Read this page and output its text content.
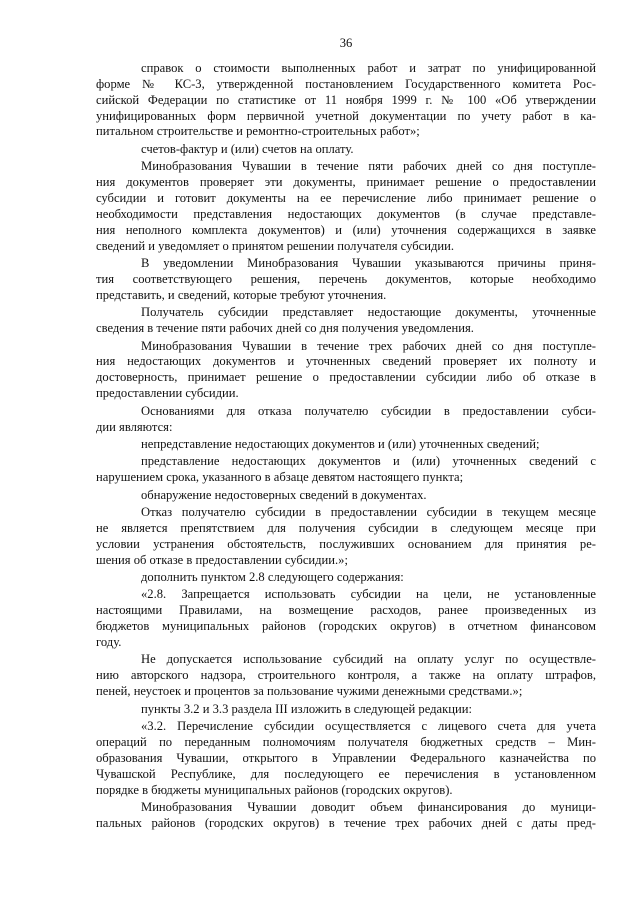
36
справок о стоимости выполненных работ и затрат по унифицированной
форме № КС-3, утвержденной постановлением Государственного комитета Рос-
сийской Федерации по статистике от 11 ноября 1999 г. № 100 «Об утверждении
унифицированных форм первичной учетной документации по учету работ в ка-
питальном строительстве и ремонтно-строительных работ»;
счетов-фактур и (или) счетов на оплату.
Минобразования Чувашии в течение пяти рабочих дней со дня поступле-
ния документов проверяет эти документы, принимает решение о предоставлении
субсидии и готовит документы на ее перечисление либо принимает решение о
необходимости представления недостающих документов (в случае представле-
ния неполного комплекта документов) и (или) уточнения содержащихся в заявке
сведений и уведомляет о принятом решении получателя субсидии.
В уведомлении Минобразования Чувашии указываются причины приня-
тия соответствующего решения, перечень документов, которые необходимо
представить, и сведений, которые требуют уточнения.
Получатель субсидии представляет недостающие документы, уточненные
сведения в течение пяти рабочих дней со дня получения уведомления.
Минобразования Чувашии в течение трех рабочих дней со дня поступле-
ния недостающих документов и уточненных сведений проверяет их полноту и
достоверность, принимает решение о предоставлении субсидии либо об отказе в
предоставлении субсидии.
Основаниями для отказа получателю субсидии в предоставлении субси-
дии являются:
непредставление недостающих документов и (или) уточненных сведений;
представление недостающих документов и (или) уточненных сведений с
нарушением срока, указанного в абзаце девятом настоящего пункта;
обнаружение недостоверных сведений в документах.
Отказ получателю субсидии в предоставлении субсидии в текущем месяце
не является препятствием для получения субсидии в следующем месяце при
условии устранения обстоятельств, послуживших основанием для принятия ре-
шения об отказе в предоставлении субсидии.»;
дополнить пунктом 2.8 следующего содержания:
«2.8. Запрещается использовать субсидии на цели, не установленные
настоящими Правилами, на возмещение расходов, ранее произведенных из
бюджетов муниципальных районов (городских округов) в отчетном финансовом
году.
Не допускается использование субсидий на оплату услуг по осуществле-
нию авторского надзора, строительного контроля, а также на оплату штрафов,
пеней, неустоек и процентов за пользование чужими денежными средствами.»;
пункты 3.2 и 3.3 раздела III изложить в следующей редакции:
«3.2. Перечисление субсидии осуществляется с лицевого счета для учета
операций по переданным полномочиям получателя бюджетных средств – Мин-
образования Чувашии, открытого в Управлении Федерального казначейства по
Чувашской Республике, для последующего ее перечисления в установленном
порядке в бюджеты муниципальных районов (городских округов).
Минобразования Чувашии доводит объем финансирования до муници-
пальных районов (городских округов) в течение трех рабочих дней с даты пред-
